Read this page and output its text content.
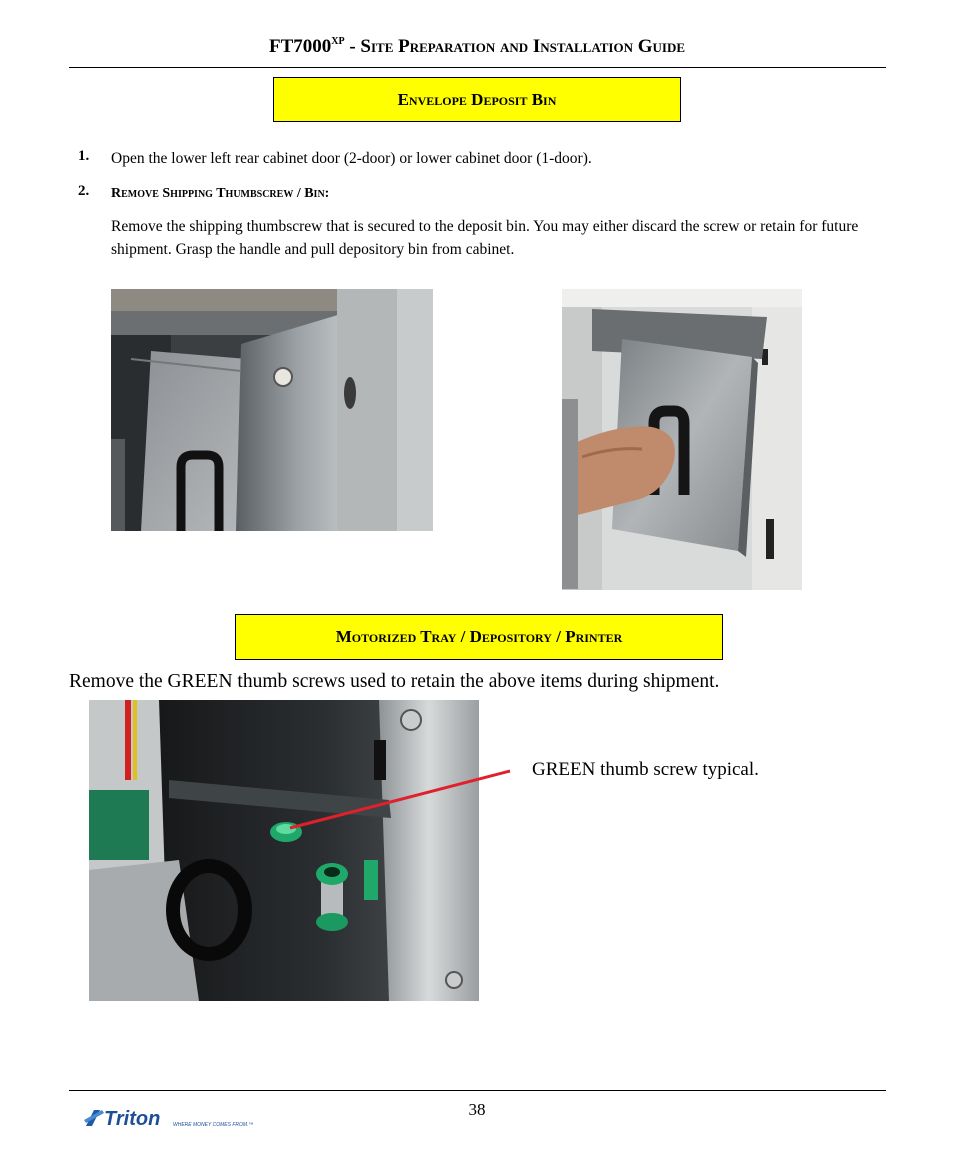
$FT7000^{XP}$ - Site Preparation and Installation Guide
Envelope Deposit Bin
1. Open the lower left rear cabinet door (2-door) or lower cabinet door (1-door).
2. Remove Shipping Thumbscrew / Bin:
Remove the shipping thumbscrew that is secured to the deposit bin. You may either discard the screw or retain for future shipment. Grasp the handle and pull depository bin from cabinet.
Motorized Tray / Depository / Printer
Remove the GREEN thumb screws used to retain the above items during shipment.
GREEN thumb screw typical.
38
Triton	WHERE MONEY COMES FROM.™
